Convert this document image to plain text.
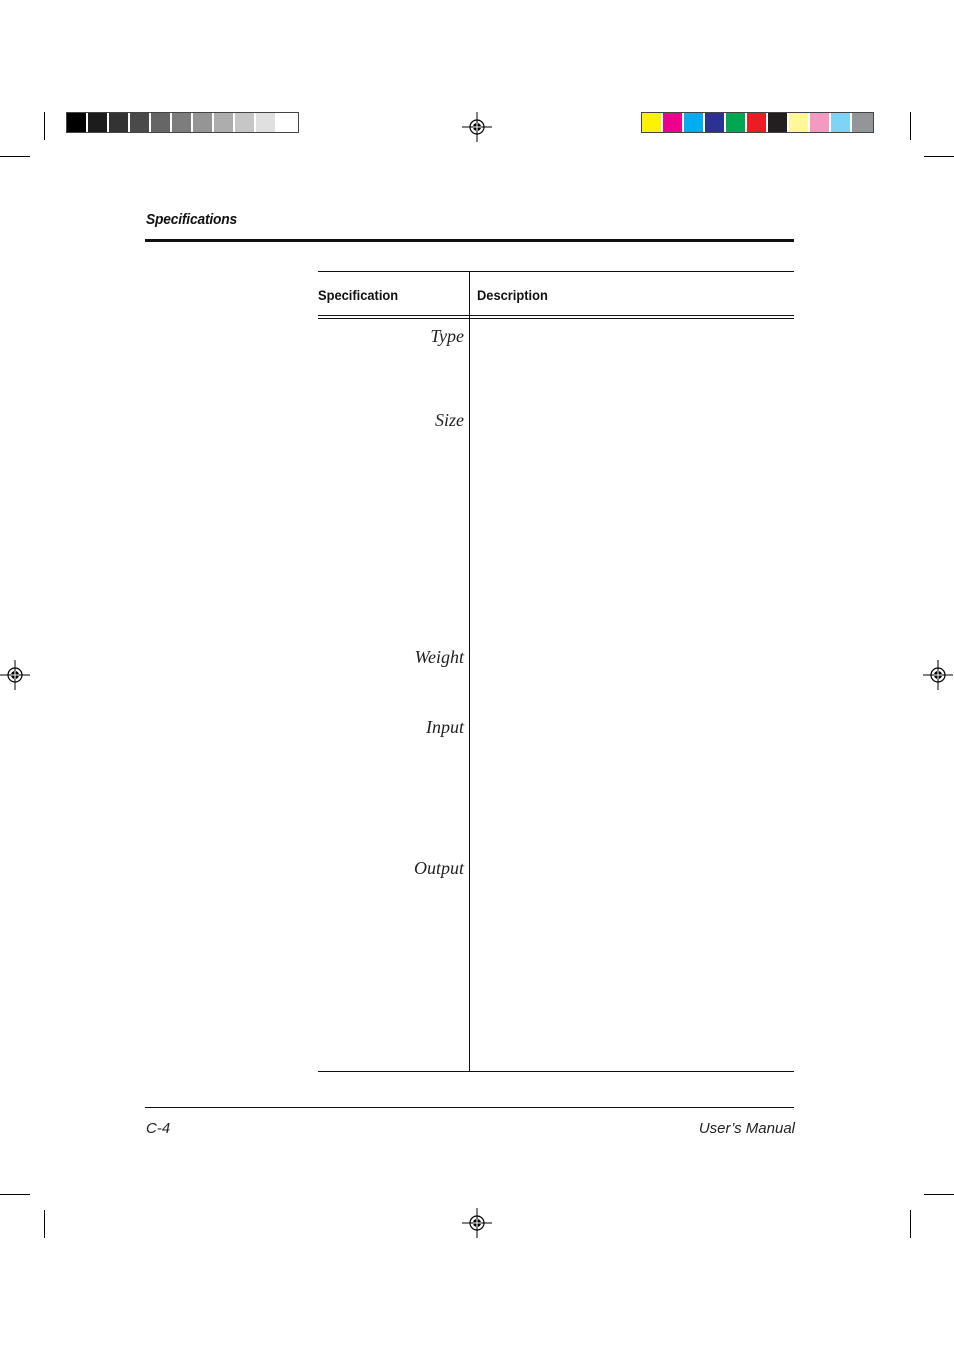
Specifications
Specification	Description
Type
Size
Weight
Input
Output
C-4	User’s Manual
